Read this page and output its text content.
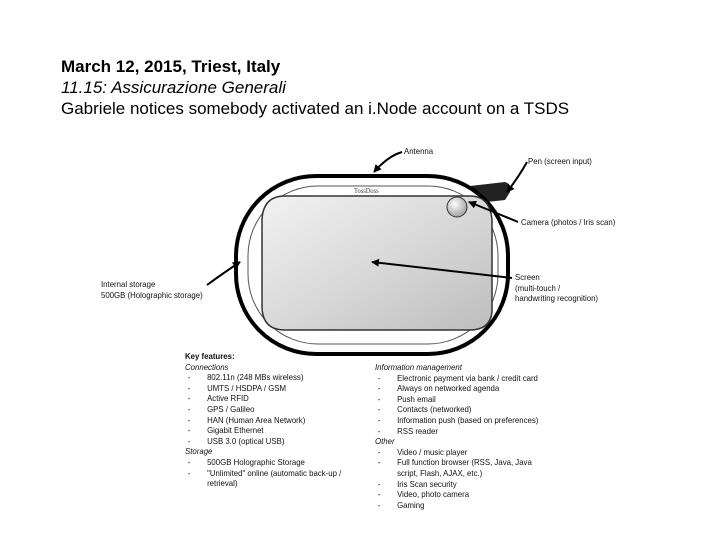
March 12, 2015, Triest, Italy
11.15: Assicurazione Generali
Gabriele notices somebody activated an i.Node account on a TSDS
TossDoss
Antenna
Pen (screen input)
Camera (photos / Iris scan)
Screen
(multi-touch /
handwriting recognition)
Internal storage
500GB (Holographic storage)
Key features:
Connections
- 802.11n (248 MBs wireless)
- UMTS / HSDPA / GSM
- Active RFID
- GPS / Galileo
- HAN (Human Area Network)
- Gigabit Ethernet
- USB 3.0 (optical USB)
Storage
- 500GB Holographic Storage
- "Unlimited" online (automatic back-up /
retrieval)
Information management
- Electronic payment via bank / credit card
- Always on networked agenda
- Push email
- Contacts (networked)
- Information push (based on preferences)
- RSS reader
Other
- Video / music player
- Full function browser (RSS, Java, Java
script, Flash, AJAX, etc.)
- Iris Scan security
- Video, photo camera
- Gaming
